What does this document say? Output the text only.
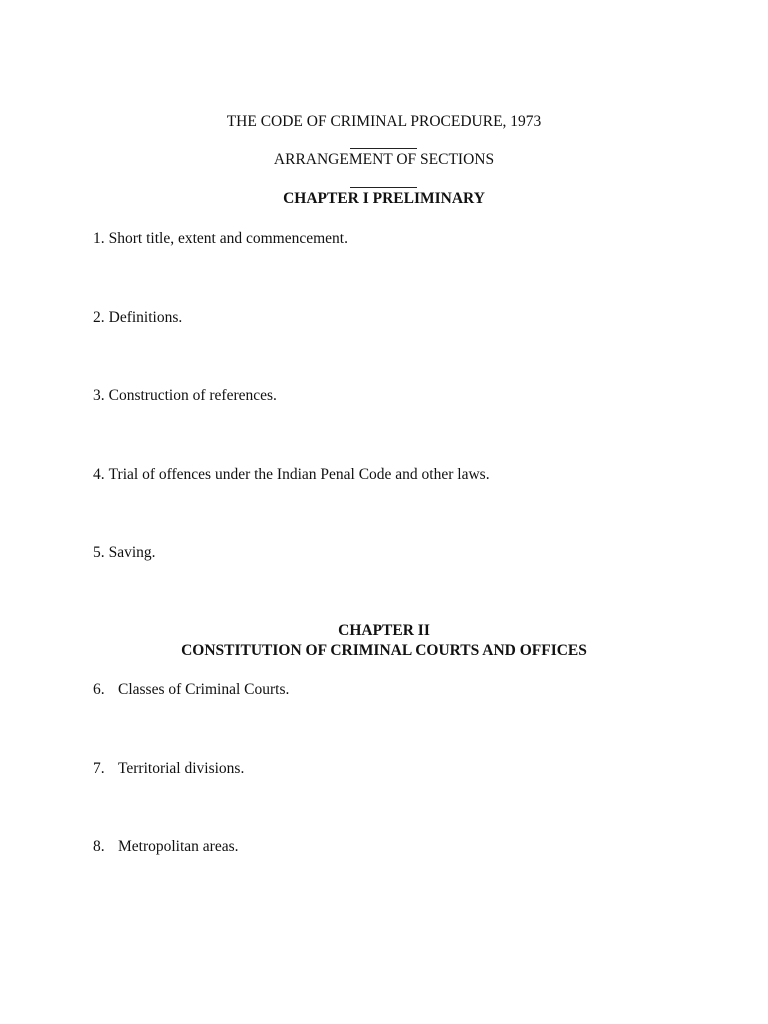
THE CODE OF CRIMINAL PROCEDURE, 1973
ARRANGEMENT OF SECTIONS
CHAPTER I PRELIMINARY
1. Short title, extent and commencement.
2. Definitions.
3. Construction of references.
4. Trial of offences under the Indian Penal Code and other laws.
5. Saving.
CHAPTER II
CONSTITUTION OF CRIMINAL COURTS AND OFFICES
6. Classes of Criminal Courts.
7. Territorial divisions.
8. Metropolitan areas.
